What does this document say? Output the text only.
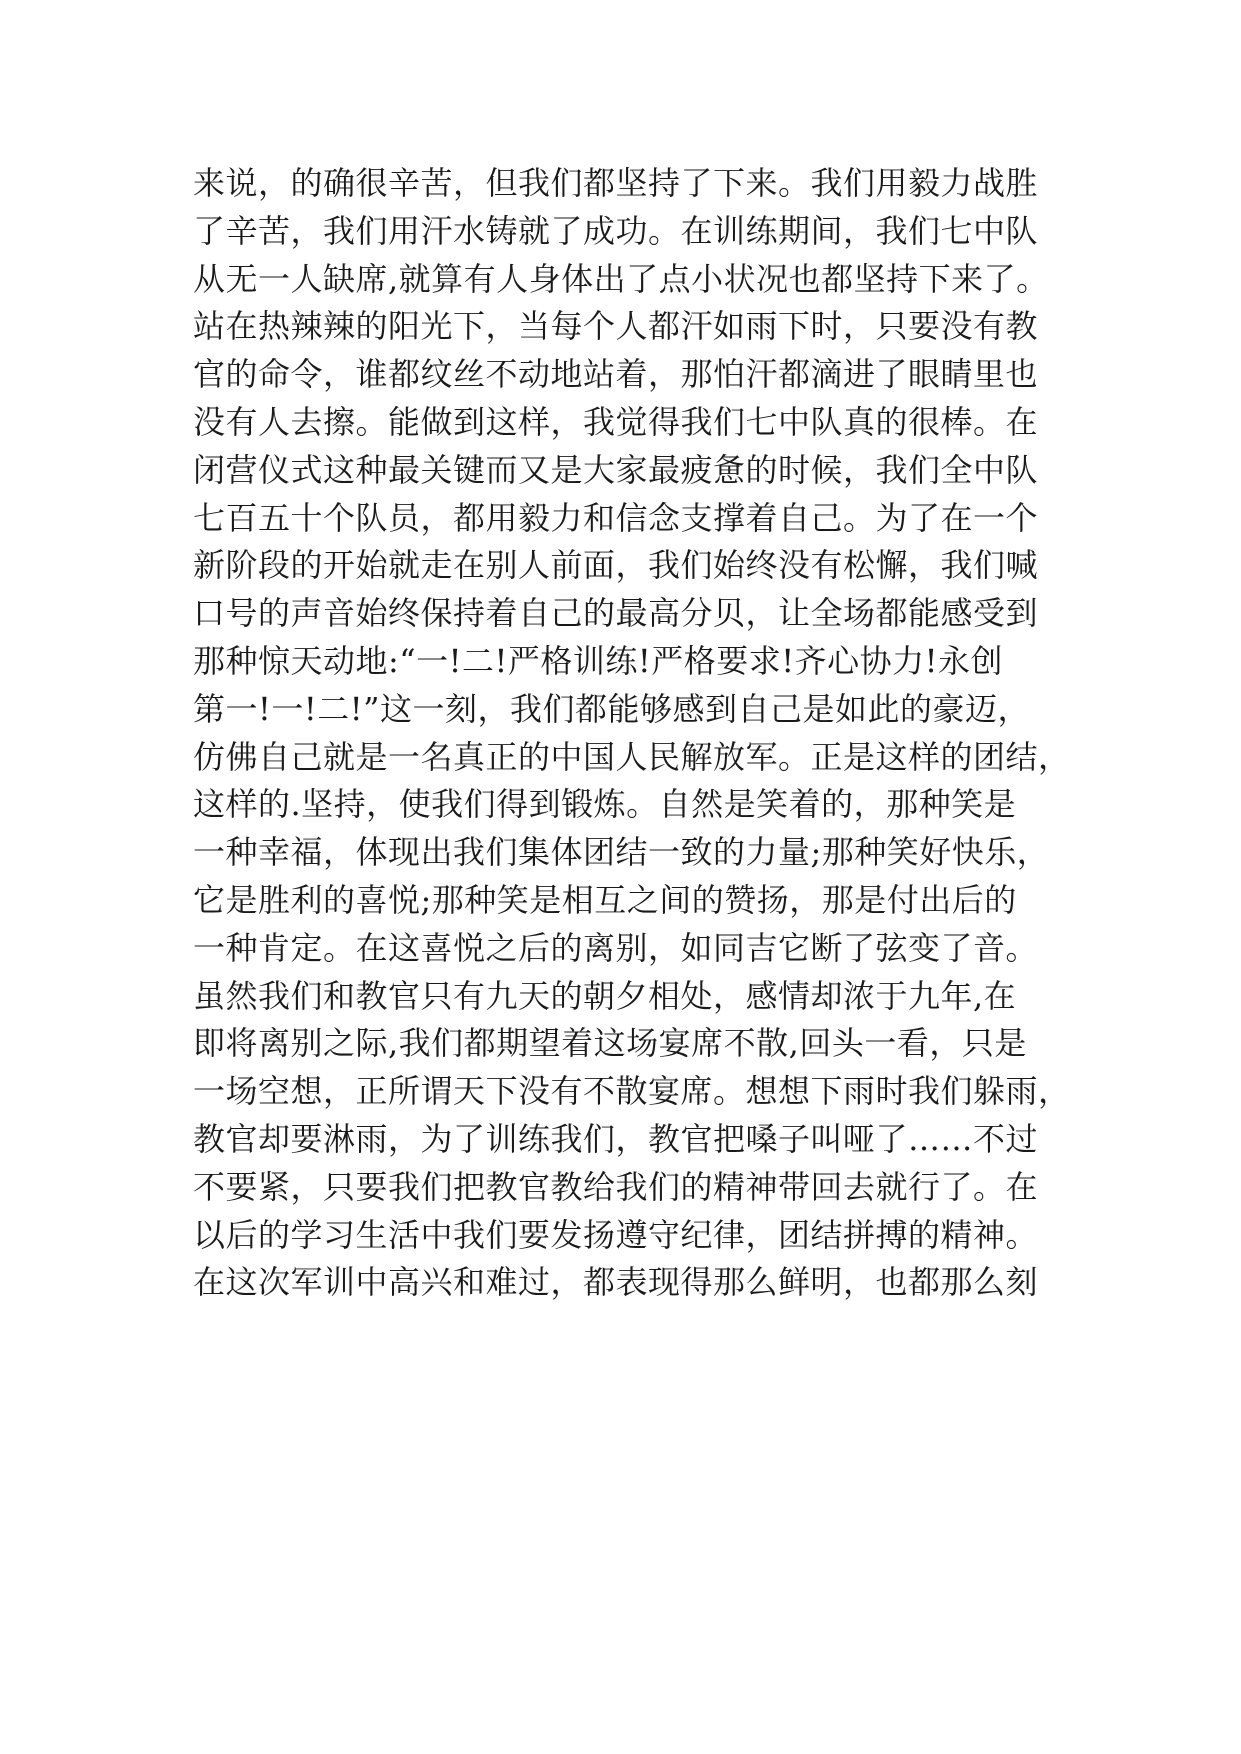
来说，的确很辛苦，但我们都坚持了下来。我们用毅力战胜
了辛苦，我们用汗水铸就了成功。在训练期间，我们七中队
从无一人缺席,就算有人身体出了点小状况也都坚持下来了。
站在热辣辣的阳光下，当每个人都汗如雨下时，只要没有教
官的命令，谁都纹丝不动地站着，那怕汗都滴进了眼睛里也
没有人去擦。能做到这样，我觉得我们七中队真的很棒。在
闭营仪式这种最关键而又是大家最疲惫的时候，我们全中队
七百五十个队员，都用毅力和信念支撑着自己。为了在一个
新阶段的开始就走在别人前面，我们始终没有松懈，我们喊
口号的声音始终保持着自己的最高分贝，让全场都能感受到
那种惊天动地:“一!二!严格训练!严格要求!齐心协力!永创
第一!一!二!”这一刻，我们都能够感到自己是如此的豪迈，
仿佛自己就是一名真正的中国人民解放军。正是这样的团结，
这样的.坚持，使我们得到锻炼。自然是笑着的，那种笑是
一种幸福，体现出我们集体团结一致的力量;那种笑好快乐，
它是胜利的喜悦;那种笑是相互之间的赞扬，那是付出后的
一种肯定。在这喜悦之后的离别，如同吉它断了弦变了音。
虽然我们和教官只有九天的朝夕相处，感情却浓于九年,在
即将离别之际,我们都期望着这场宴席不散,回头一看，只是
一场空想，正所谓天下没有不散宴席。想想下雨时我们躲雨，
教官却要淋雨，为了训练我们，教官把嗓子叫哑了……不过
不要紧，只要我们把教官教给我们的精神带回去就行了。在
以后的学习生活中我们要发扬遵守纪律，团结拼搏的精神。
在这次军训中高兴和难过，都表现得那么鲜明，也都那么刻
